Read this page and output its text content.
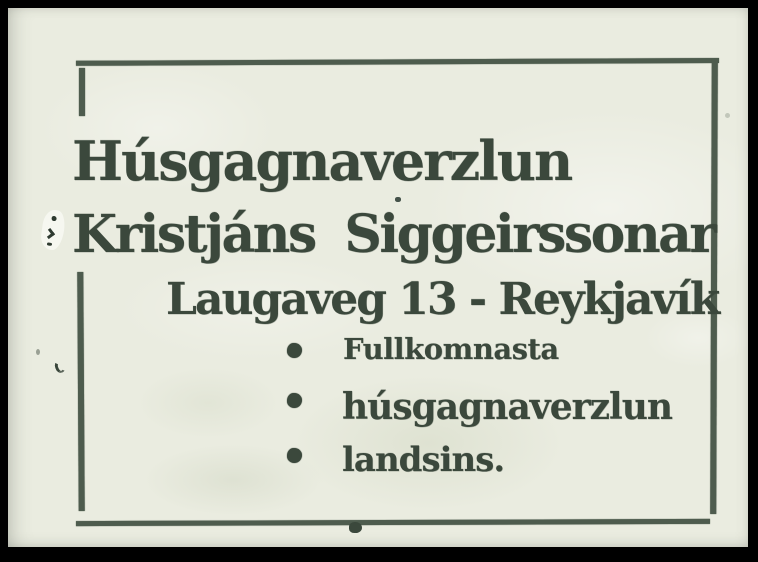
Húsgagnaverzlun
Kristjáns Siggeirssonar
Laugaveg 13 - Reykjavík
Fullkomnasta
húsgagnaverzlun
landsins.
